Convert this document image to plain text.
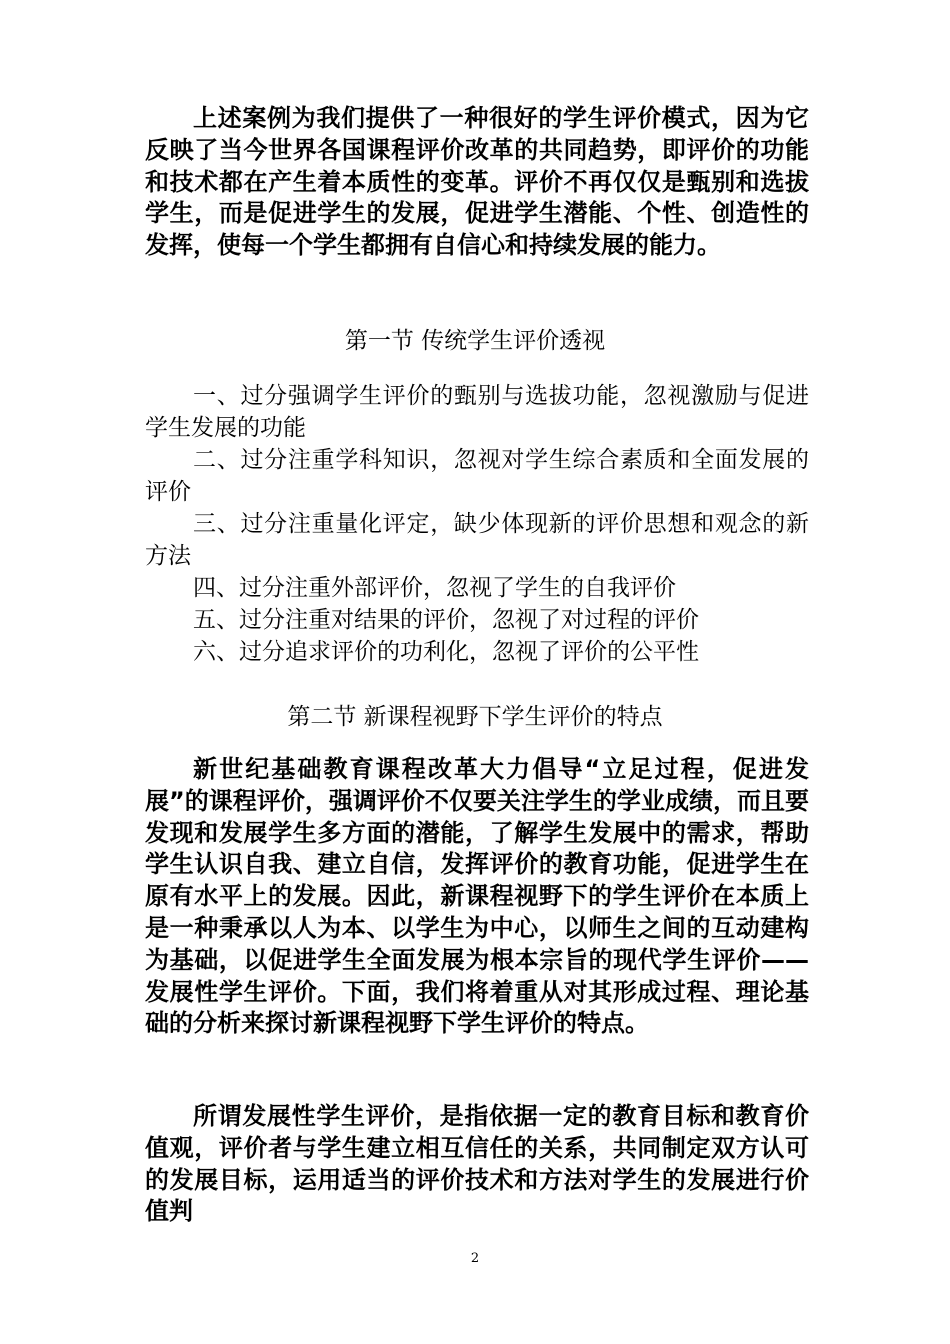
上述案例为我们提供了一种很好的学生评价模式，因为它反映了当今世界各国课程评价改革的共同趋势，即评价的功能和技术都在产生着本质性的变革。评价不再仅仅是甄别和选拔学生，而是促进学生的发展，促进学生潜能、个性、创造性的发挥，使每一个学生都拥有自信心和持续发展的能力。

第一节 传统学生评价透视

一、过分强调学生评价的甄别与选拔功能，忽视激励与促进学生发展的功能

二、过分注重学科知识，忽视对学生综合素质和全面发展的评价

三、过分注重量化评定，缺少体现新的评价思想和观念的新方法

四、过分注重外部评价，忽视了学生的自我评价

五、过分注重对结果的评价，忽视了对过程的评价

六、过分追求评价的功利化，忽视了评价的公平性

第二节 新课程视野下学生评价的特点

新世纪基础教育课程改革大力倡导“立足过程，促进发展”的课程评价，强调评价不仅要关注学生的学业成绩，而且要发现和发展学生多方面的潜能，了解学生发展中的需求，帮助学生认识自我、建立自信，发挥评价的教育功能，促进学生在原有水平上的发展。因此，新课程视野下的学生评价在本质上是一种秉承以人为本、以学生为中心，以师生之间的互动建构为基础，以促进学生全面发展为根本宗旨的现代学生评价——发展性学生评价。下面，我们将着重从对其形成过程、理论基础的分析来探讨新课程视野下学生评价的特点。

所谓发展性学生评价，是指依据一定的教育目标和教育价值观，评价者与学生建立相互信任的关系，共同制定双方认可的发展目标，运用适当的评价技术和方法对学生的发展进行价值判

2
